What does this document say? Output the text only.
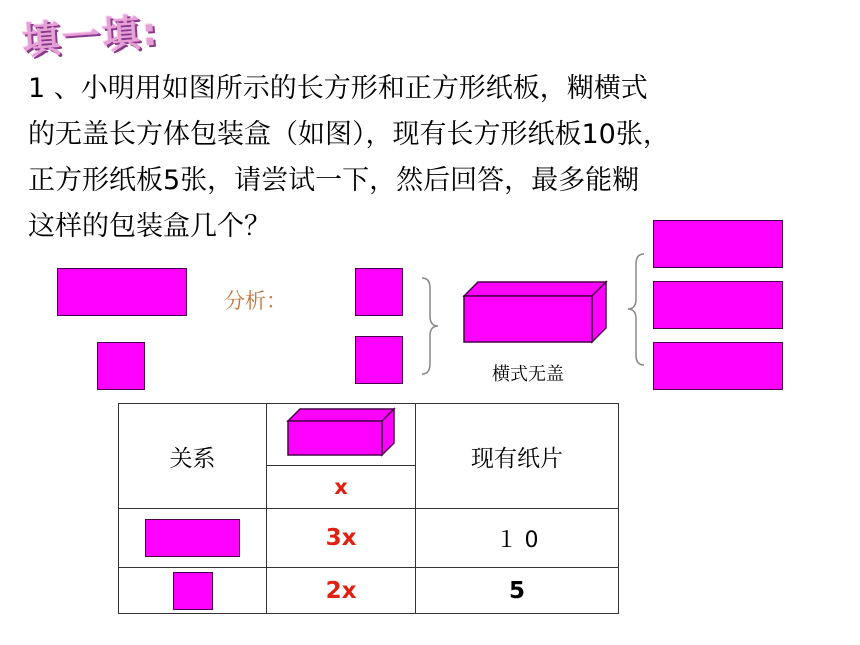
填一填:
1 、小明用如图所示的长方形和正方形纸板，糊横式
的无盖长方体包装盒（如图），现有长方形纸板10张，
正方形纸板5张，请尝试一下，然后回答，最多能糊
这样的包装盒几个？
分析：
横式无盖
关系		现有纸片
	x	

	3x	１ 0

	2x	5
